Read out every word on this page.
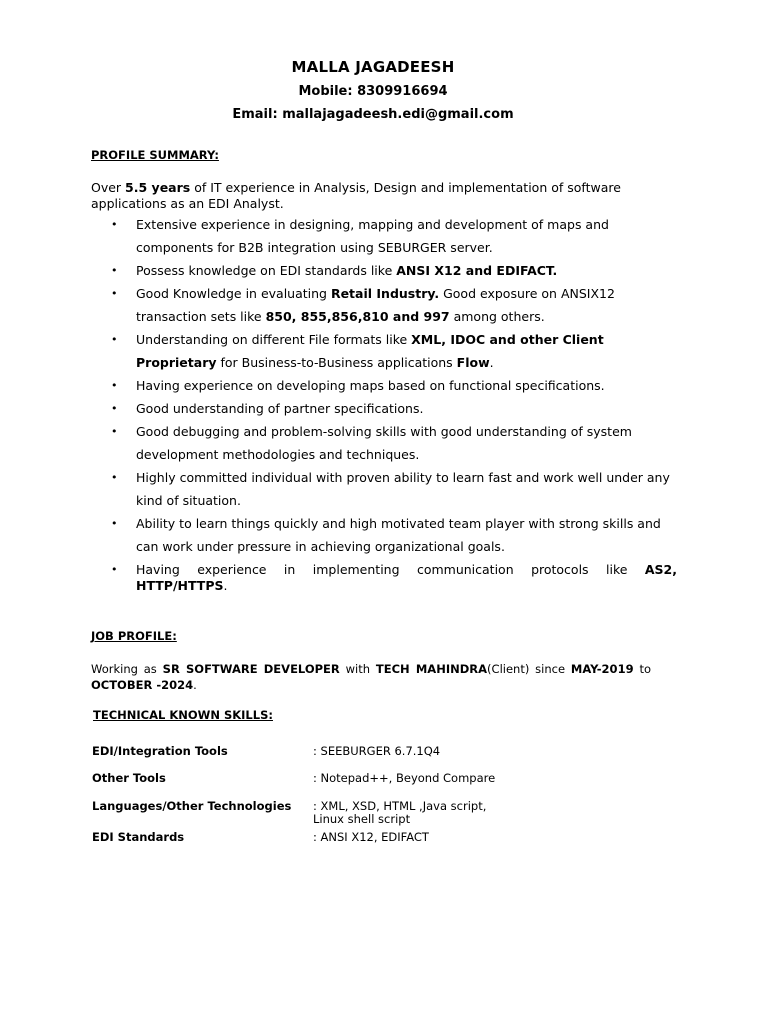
MALLA JAGADEESH
Mobile: 8309916694
Email: mallajagadeesh.edi@gmail.com
PROFILE SUMMARY:
Over 5.5 years of IT experience in Analysis, Design and implementation of software applications as an EDI Analyst.
• Extensive experience in designing, mapping and development of maps and components for B2B integration using SEBURGER server.
• Possess knowledge on EDI standards like ANSI X12 and EDIFACT.
• Good Knowledge in evaluating Retail Industry. Good exposure on ANSIX12 transaction sets like 850, 855,856,810 and 997 among others.
• Understanding on different File formats like XML, IDOC and other Client Proprietary for Business-to-Business applications Flow.
• Having experience on developing maps based on functional specifications.
• Good understanding of partner specifications.
• Good debugging and problem-solving skills with good understanding of system development methodologies and techniques.
• Highly committed individual with proven ability to learn fast and work well under any kind of situation.
• Ability to learn things quickly and high motivated team player with strong skills and can work under pressure in achieving organizational goals.
• Having experience in implementing communication protocols like AS2, HTTP/HTTPS.
JOB PROFILE:
Working as SR SOFTWARE DEVELOPER with TECH MAHINDRA(Client) since MAY-2019 to OCTOBER -2024.
TECHNICAL KNOWN SKILLS:
EDI/Integration Tools	: SEEBURGER 6.7.1Q4
Other Tools	: Notepad++, Beyond Compare
Languages/Other Technologies : XML, XSD, HTML ,Java script,
Linux shell script
EDI Standards	: ANSI X12, EDIFACT
